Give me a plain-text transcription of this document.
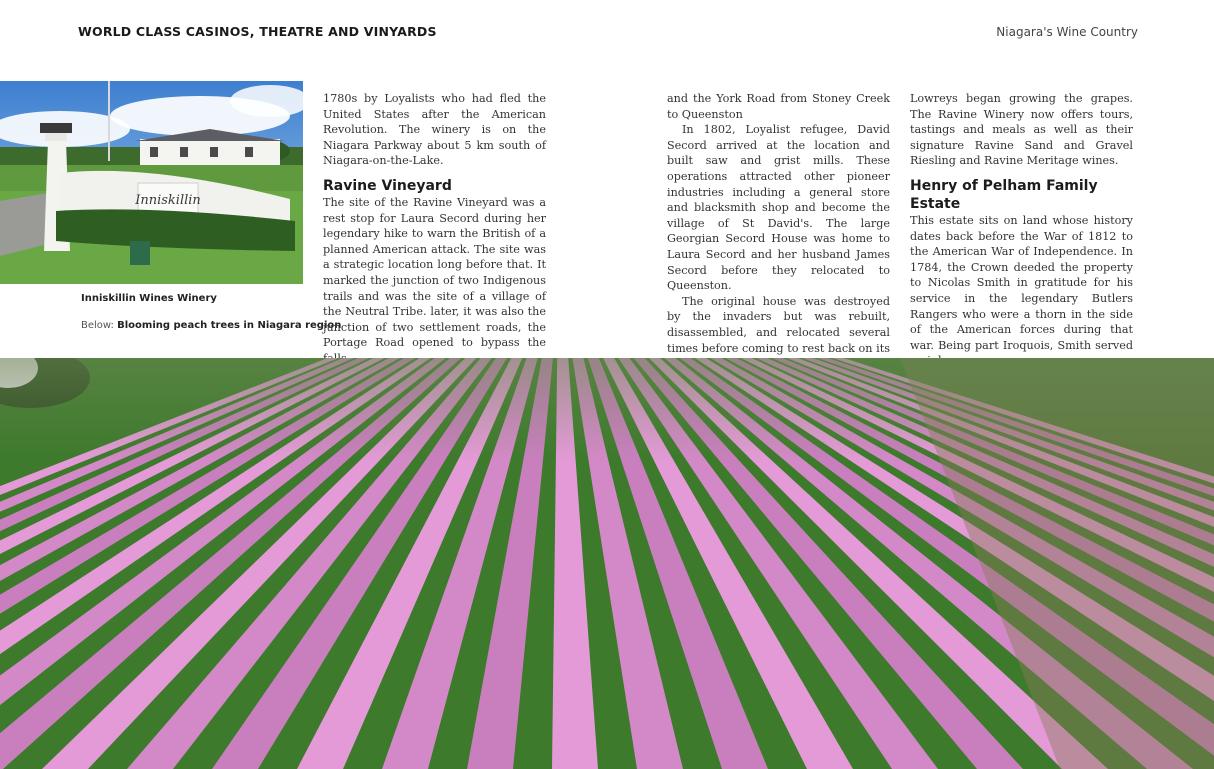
WORLD CLASS CASINOS, THEATRE AND VINYARDS	Niagara's Wine Country
Inniskillin
Inniskillin Wines Winery
Below: Blooming peach trees in Niagara region

1780s by Loyalists who had fled the United States after the American Revolution. The winery is on the Niagara Parkway about 5 km south of Niagara-on-the-Lake.

Ravine Vineyard

The site of the Ravine Vineyard was a rest stop for Laura Secord during her legendary hike to warn the British of a planned American attack. The site was a strategic location long before that. It marked the junction of two Indigenous trails and was the site of a village of the Neutral Tribe. later, it was also the junction of two settlement roads, the Portage Road opened to bypass the

and the York Road from Stoney Creek to Queenston

In 1802, Loyalist refugee, David Secord arrived at the location and built saw and grist mills. These operations attracted other pioneer industries including a general store and blacksmith shop and become the village of St David's. The large Georgian Secord House was home to Laura Secord and her husband James Secord before they relocated to Queenston.

The original house was destroyed by the invaders but was rebuilt, disassembled, and relocated several times before coming to rest back on its

Lowreys began growing the grapes. The Ravine Winery now offers tours, tastings and meals as well as their signature Ravine Sand and Gravel Riesling and Ravine Meritage wines.

Henry of Pelham Family Estate

This estate sits on land whose history dates back before the War of 1812 to the American War of Independence. In 1784, the Crown deeded the property to Nicolas Smith in gratitude for his service in the legendary Butlers Rangers who were a thorn in the side of the American forces during that war. Being part Iroquois, Smith served
